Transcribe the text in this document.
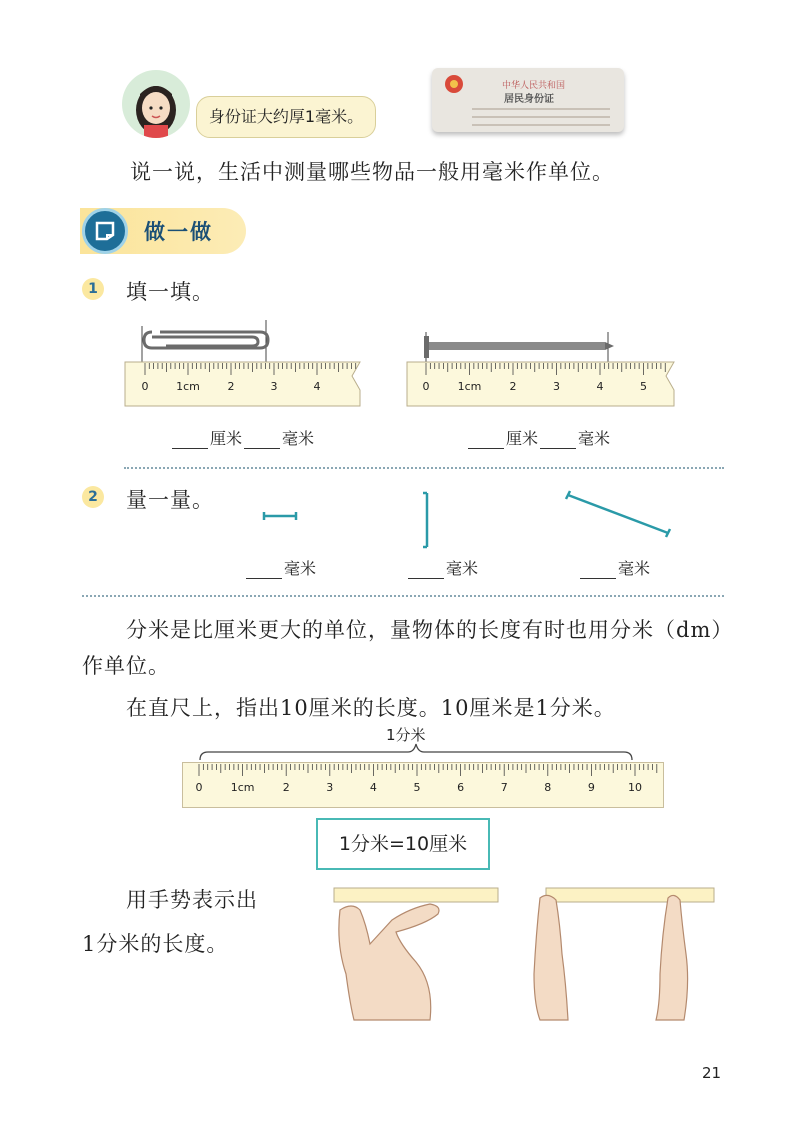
身份证大约厚1毫米。
中华人民共和国
居民身份证
说一说，生活中测量哪些物品一般用毫米作单位。
做一做
1 填一填。
0	1cm	2	3	4	0	1cm	2	3	4	5
厘米	毫米	厘米	毫米
2 量一量。
毫米	毫米	毫米
分米是比厘米更大的单位，量物体的长度有时也用分米（dm）
作单位。
在直尺上，指出10厘米的长度。10厘米是1分米。
1分米
0	1cm	2	3	4	5	6	7	8	9	10
1分米=10厘米
用手势表示出
1分米的长度。
21
